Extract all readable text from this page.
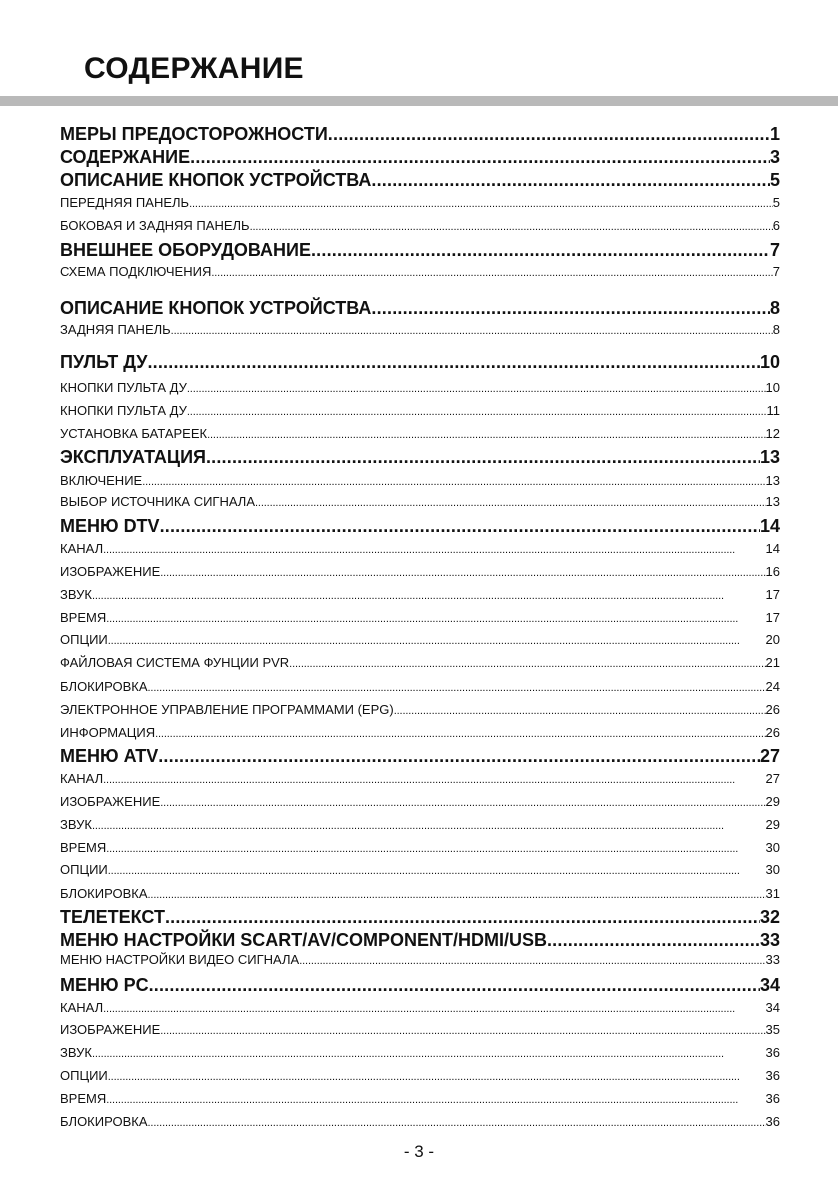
СОДЕРЖАНИЕ
МЕРЫ ПРЕДОСТОРОЖНОСТИ . . .	1
СОДЕРЖАНИЕ . . .	3
ОПИСАНИЕ КНОПОК УСТРОЙСТВА . . .	5
ПЕРЕДНЯЯ ПАНЕЛЬ . . .	5
БОКОВАЯ И ЗАДНЯЯ ПАНЕЛЬ . . .	6
ВНЕШНЕЕ ОБОРУДОВАНИЕ . . .	7
СХЕМА ПОДКЛЮЧЕНИЯ . . .	7
ОПИСАНИЕ КНОПОК УСТРОЙСТВА . . .	8
ЗАДНЯЯ ПАНЕЛЬ . . .	8
ПУЛЬТ ДУ . . .	10
КНОПКИ ПУЛЬТА ДУ . . .	10
КНОПКИ ПУЛЬТА ДУ . . .	11
УСТАНОВКА БАТАРЕЕК . . .	12
ЭКСПЛУАТАЦИЯ . . .	13
ВКЛЮЧЕНИЕ . . .	13
ВЫБОР ИСТОЧНИКА СИГНАЛА . . .	13
МЕНЮ DTV . . .	14
КАНАЛ . . .	14
ИЗОБРАЖЕНИЕ . . .	16
ЗВУК . . .	17
ВРЕМЯ . . .	17
ОПЦИИ . . .	20
ФАЙЛОВАЯ СИСТЕМА ФУНЦИИ PVR . . .	21
БЛОКИРОВКА . . .	24
ЭЛЕКТРОННОЕ УПРАВЛЕНИЕ ПРОГРАММАМИ (EPG) . . .	26
ИНФОРМАЦИЯ . . .	26
МЕНЮ ATV . . .	27
КАНАЛ . . .	27
ИЗОБРАЖЕНИЕ . . .	29
ЗВУК . . .	29
ВРЕМЯ . . .	30
ОПЦИИ . . .	30
БЛОКИРОВКА . . .	31
ТЕЛЕТЕКСТ . . .	32
МЕНЮ НАСТРОЙКИ SCART/AV/COMPONENT/HDMI/USB . . .	33
МЕНЮ НАСТРОЙКИ ВИДЕО СИГНАЛА . . .	33
МЕНЮ PC . . .	34
КАНАЛ . . .	34
ИЗОБРАЖЕНИЕ . . .	35
ЗВУК . . .	36
ОПЦИИ . . .	36
ВРЕМЯ . . .	36
БЛОКИРОВКА . . .	36
- 3 -
